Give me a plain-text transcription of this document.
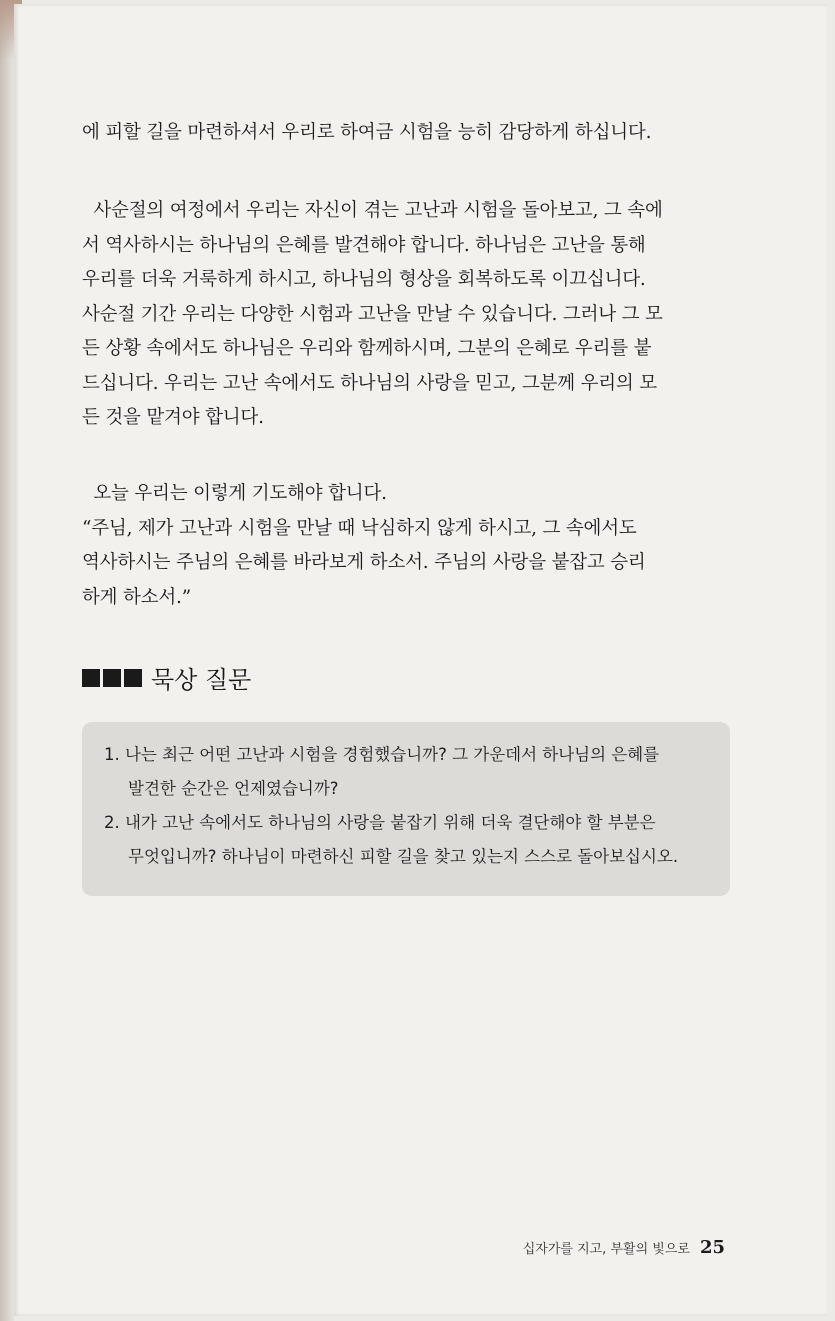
에 피할 길을 마련하셔서 우리로 하여금 시험을 능히 감당하게 하십니다.
사순절의 여정에서 우리는 자신이 겪는 고난과 시험을 돌아보고, 그 속에
서 역사하시는 하나님의 은혜를 발견해야 합니다. 하나님은 고난을 통해
우리를 더욱 거룩하게 하시고, 하나님의 형상을 회복하도록 이끄십니다.
사순절 기간 우리는 다양한 시험과 고난을 만날 수 있습니다. 그러나 그 모
든 상황 속에서도 하나님은 우리와 함께하시며, 그분의 은혜로 우리를 붙
드십니다. 우리는 고난 속에서도 하나님의 사랑을 믿고, 그분께 우리의 모
든 것을 맡겨야 합니다.
오늘 우리는 이렇게 기도해야 합니다.
“주님, 제가 고난과 시험을 만날 때 낙심하지 않게 하시고, 그 속에서도
역사하시는 주님의 은혜를 바라보게 하소서. 주님의 사랑을 붙잡고 승리
하게 하소서.”
묵상 질문
1. 나는 최근 어떤 고난과 시험을 경험했습니까? 그 가운데서 하나님의 은혜를
발견한 순간은 언제였습니까?
2. 내가 고난 속에서도 하나님의 사랑을 붙잡기 위해 더욱 결단해야 할 부분은
무엇입니까? 하나님이 마련하신 피할 길을 찾고 있는지 스스로 돌아보십시오.
십자가를 지고, 부활의 빛으로 25
